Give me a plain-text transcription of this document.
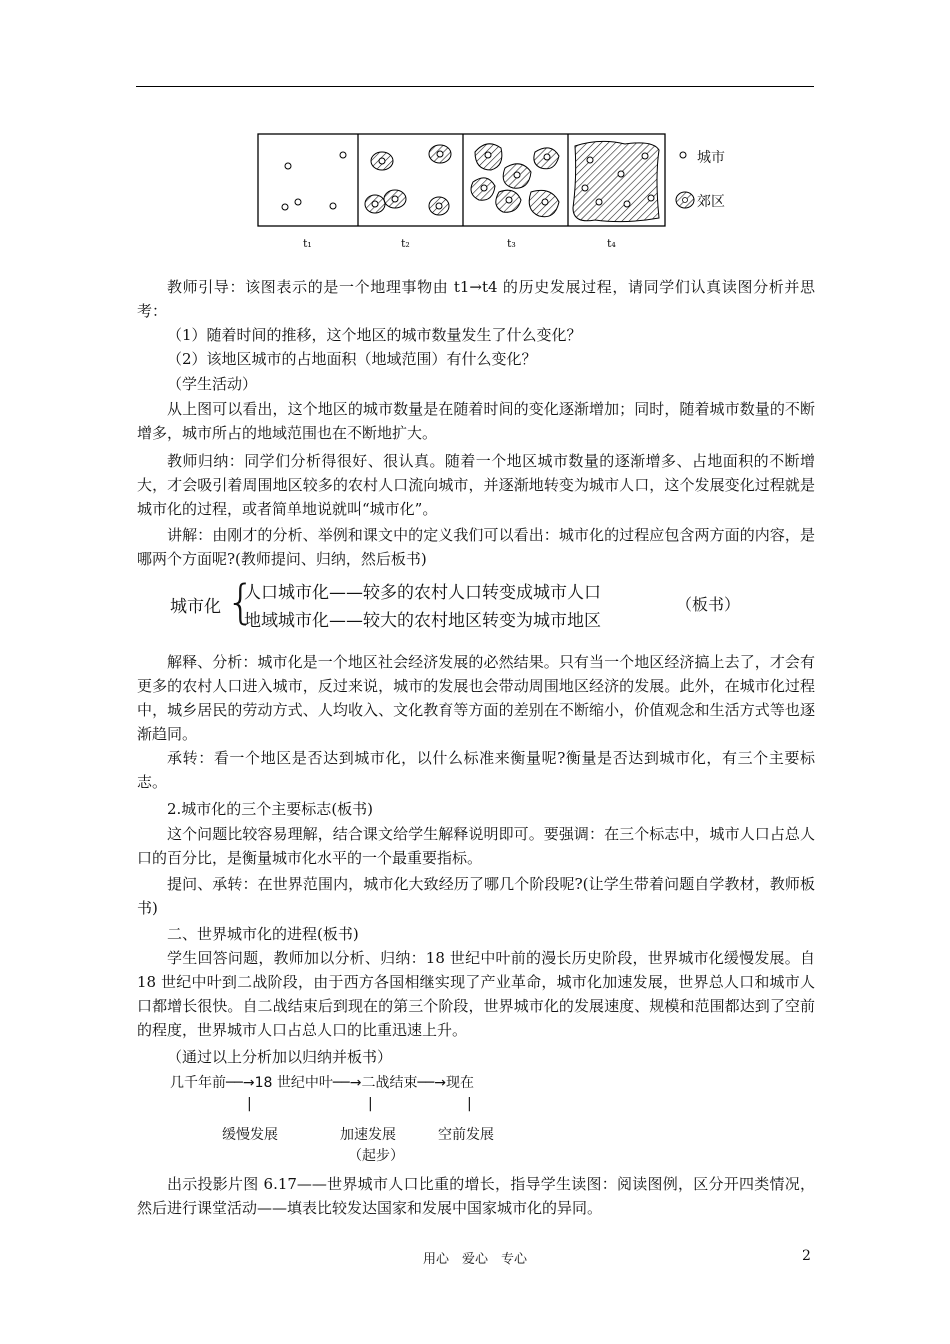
城市
郊区
t₁	t₂	t₃	t₄

教师引导：该图表示的是一个地理事物由 t1→t4 的历史发展过程，请同学们认真读图分析并思考：

（1）随着时间的推移，这个地区的城市数量发生了什么变化？

（2）该地区城市的占地面积（地域范围）有什么变化？

（学生活动）

从上图可以看出，这个地区的城市数量是在随着时间的变化逐渐增加；同时，随着城市数量的不断增多，城市所占的地域范围也在不断地扩大。

教师归纳：同学们分析得很好、很认真。随着一个地区城市数量的逐渐增多、占地面积的不断增大，才会吸引着周围地区较多的农村人口流向城市，并逐渐地转变为城市人口，这个发展变化过程就是城市化的过程，或者简单地说就叫“城市化”。

讲解：由刚才的分析、举例和课文中的定义我们可以看出：城市化的过程应包含两方面的内容，是哪两个方面呢?(教师提问、归纳，然后板书)

城市化 {
人口城市化——较多的农村人口转变成城市人口
地域城市化——较大的农村地区转变为城市地区
（板书）

解释、分析：城市化是一个地区社会经济发展的必然结果。只有当一个地区经济搞上去了，才会有更多的农村人口进入城市，反过来说，城市的发展也会带动周围地区经济的发展。此外，在城市化过程中，城乡居民的劳动方式、人均收入、文化教育等方面的差别在不断缩小，价值观念和生活方式等也逐渐趋同。

承转：看一个地区是否达到城市化，以什么标准来衡量呢?衡量是否达到城市化，有三个主要标志。

2.城市化的三个主要标志(板书)

这个问题比较容易理解，结合课文给学生解释说明即可。要强调：在三个标志中，城市人口占总人口的百分比，是衡量城市化水平的一个最重要指标。

提问、承转：在世界范围内，城市化大致经历了哪几个阶段呢?(让学生带着问题自学教材，教师板书)

二、世界城市化的进程(板书)

学生回答问题，教师加以分析、归纳：18 世纪中叶前的漫长历史阶段，世界城市化缓慢发展。自 18 世纪中叶到二战阶段，由于西方各国相继实现了产业革命，城市化加速发展，世界总人口和城市人口都增长很快。自二战结束后到现在的第三个阶段，世界城市化的发展速度、规模和范围都达到了空前的程度，世界城市人口占总人口的比重迅速上升。

（通过以上分析加以归纳并板书）

几千年前──→18 世纪中叶──→二战结束──→现在
|	|	|
缓慢发展	加速发展	空前发展
（起步）

出示投影片图 6.17——世界城市人口比重的增长，指导学生读图：阅读图例，区分开四类情况，然后进行课堂活动——填表比较发达国家和发展中国家城市化的异同。

用心　爱心　专心	2
